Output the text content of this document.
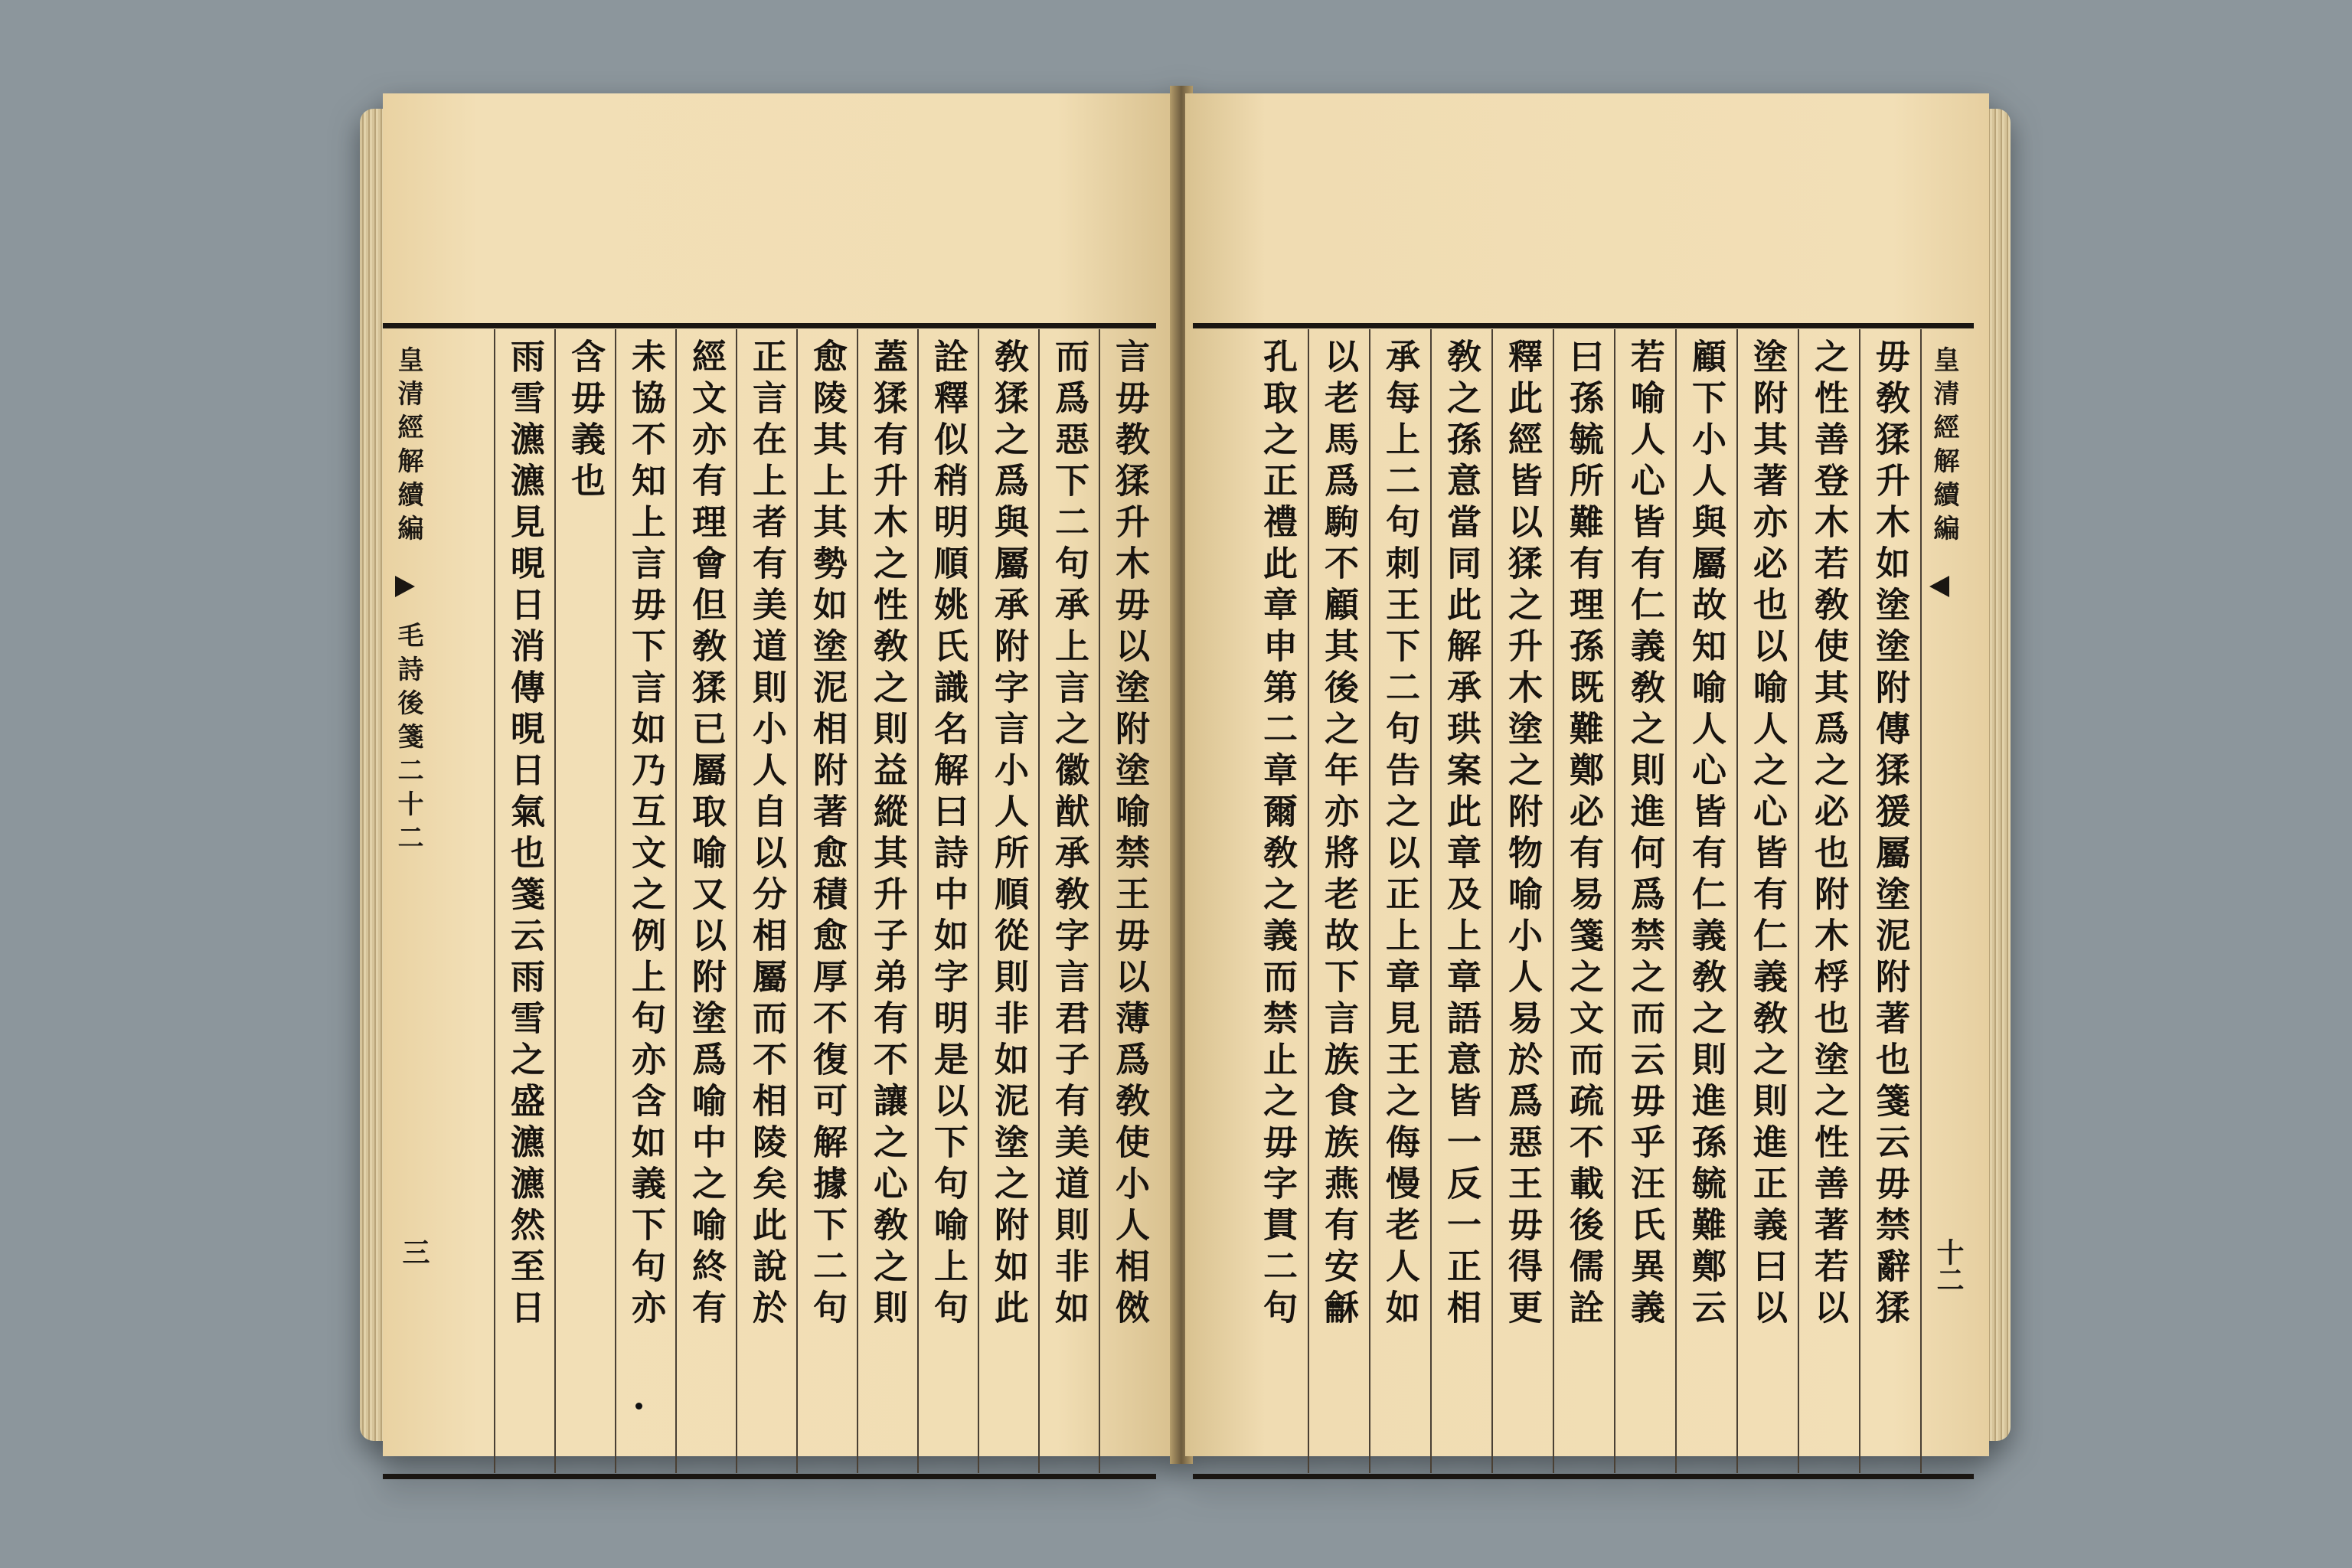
言毋教猱升木毋以塗附塗喻禁王毋以薄爲敎使小人相傚
而爲惡下二句承上言之徽猷承敎字言君子有美道則非如
敎猱之爲與屬承附字言小人所順從則非如泥塗之附如此
詮釋似稍明順姚氏識名解曰詩中如字明是以下句喻上句
蓋猱有升木之性敎之則益縱其升子弟有不讓之心敎之則
愈陵其上其勢如塗泥相附著愈積愈厚不復可解據下二句
正言在上者有美道則小人自以分相屬而不相陵矣此說於
經文亦有理會但敎猱已屬取喻又以附塗爲喻中之喻終有
未協不知上言毋下言如乃互文之例上句亦含如義下句亦
含毋義也
雨雪瀌瀌見晛日消傳晛日氣也箋云雨雪之盛瀌瀌然至日
皇清經解續編
毛詩後箋二十二
三
皇清經解續編
十二
毋敎猱升木如塗塗附傳猱猨屬塗泥附著也箋云毋禁辭猱
之性善登木若敎使其爲之必也附木桴也塗之性善著若以
塗附其著亦必也以喻人之心皆有仁義敎之則進正義曰以
顧下小人與屬故知喻人心皆有仁義敎之則進孫毓難鄭云
若喻人心皆有仁義敎之則進何爲禁之而云毋乎汪氏異義
曰孫毓所難有理孫既難鄭必有易箋之文而疏不載後儒詮
釋此經皆以猱之升木塗之附物喻小人易於爲惡王毋得更
敎之孫意當同此解承珙案此章及上章語意皆一反一正相
承每上二句刺王下二句告之以正上章見王之侮慢老人如
以老馬爲駒不顧其後之年亦將老故下言族食族燕有安龢
孔取之正禮此章申第二章爾敎之義而禁止之毋字貫二句
